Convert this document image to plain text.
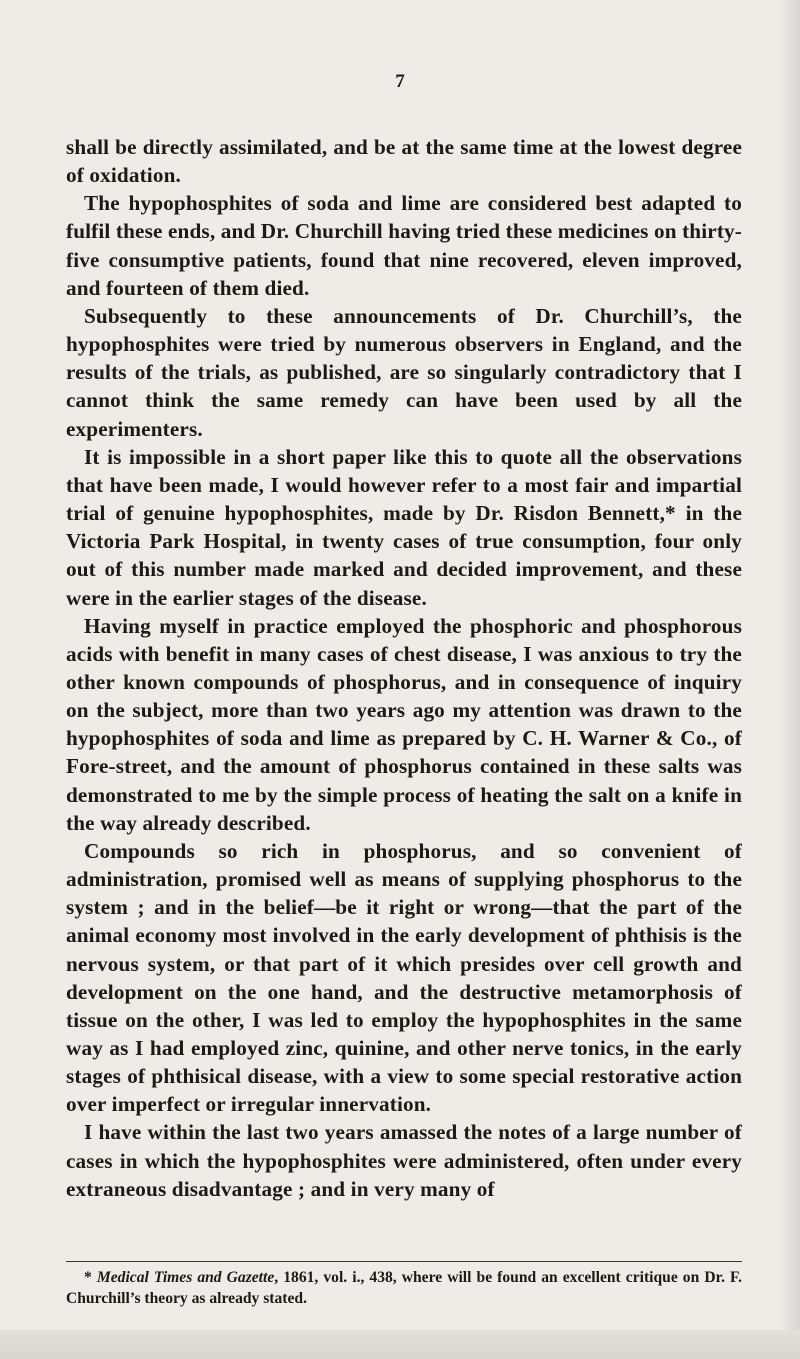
7

shall be directly assimilated, and be at the same time at the lowest degree of oxidation.

The hypophosphites of soda and lime are considered best adapted to fulfil these ends, and Dr. Churchill having tried these medicines on thirty-five consumptive patients, found that nine recovered, eleven improved, and fourteen of them died.

Subsequently to these announcements of Dr. Churchill’s, the hypophosphites were tried by numerous observers in England, and the results of the trials, as published, are so singularly contradictory that I cannot think the same remedy can have been used by all the experimenters.

It is impossible in a short paper like this to quote all the observations that have been made, I would however refer to a most fair and impartial trial of genuine hypophosphites, made by Dr. Risdon Bennett,* in the Victoria Park Hospital, in twenty cases of true consumption, four only out of this number made marked and decided improvement, and these were in the earlier stages of the disease.

Having myself in practice employed the phosphoric and phosphorous acids with benefit in many cases of chest disease, I was anxious to try the other known compounds of phosphorus, and in consequence of inquiry on the subject, more than two years ago my attention was drawn to the hypophosphites of soda and lime as prepared by C. H. Warner & Co., of Fore-street, and the amount of phosphorus contained in these salts was demonstrated to me by the simple process of heating the salt on a knife in the way already described.

Compounds so rich in phosphorus, and so convenient of administration, promised well as means of supplying phosphorus to the system ; and in the belief—be it right or wrong—that the part of the animal economy most involved in the early development of phthisis is the nervous system, or that part of it which presides over cell growth and development on the one hand, and the destructive metamorphosis of tissue on the other, I was led to employ the hypophosphites in the same way as I had employed zinc, quinine, and other nerve tonics, in the early stages of phthisical disease, with a view to some special restorative action over imperfect or irregular innervation.

I have within the last two years amassed the notes of a large number of cases in which the hypophosphites were administered, often under every extraneous disadvantage ; and in very many of

* Medical Times and Gazette, 1861, vol. i., 438, where will be found an excellent critique on Dr. F. Churchill’s theory as already stated.
